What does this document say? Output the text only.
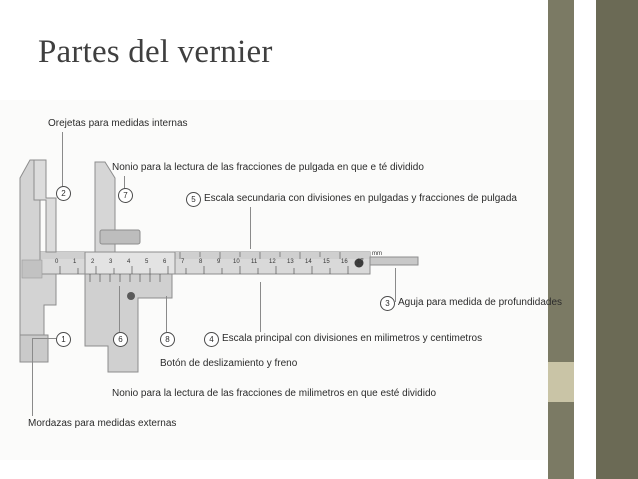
Partes del vernier
0 1 2 3 4 5 6 7 8 9 10 11 12 13 14 15 16 17
mm
Orejetas para medidas internas
2
Nonio para la lectura de las fracciones de pulgada en que e té dividido
7	5 Escala secundaria con divisiones en pulgadas y fracciones de pulgada
3 Aguja para medida de profundidades
4 Escala principal con divisiones en milimetros y centimetros
8
Botón de deslizamiento y freno
6
Nonio para la lectura de las fracciones de milimetros en que esté dividido
1
Mordazas para medidas externas
